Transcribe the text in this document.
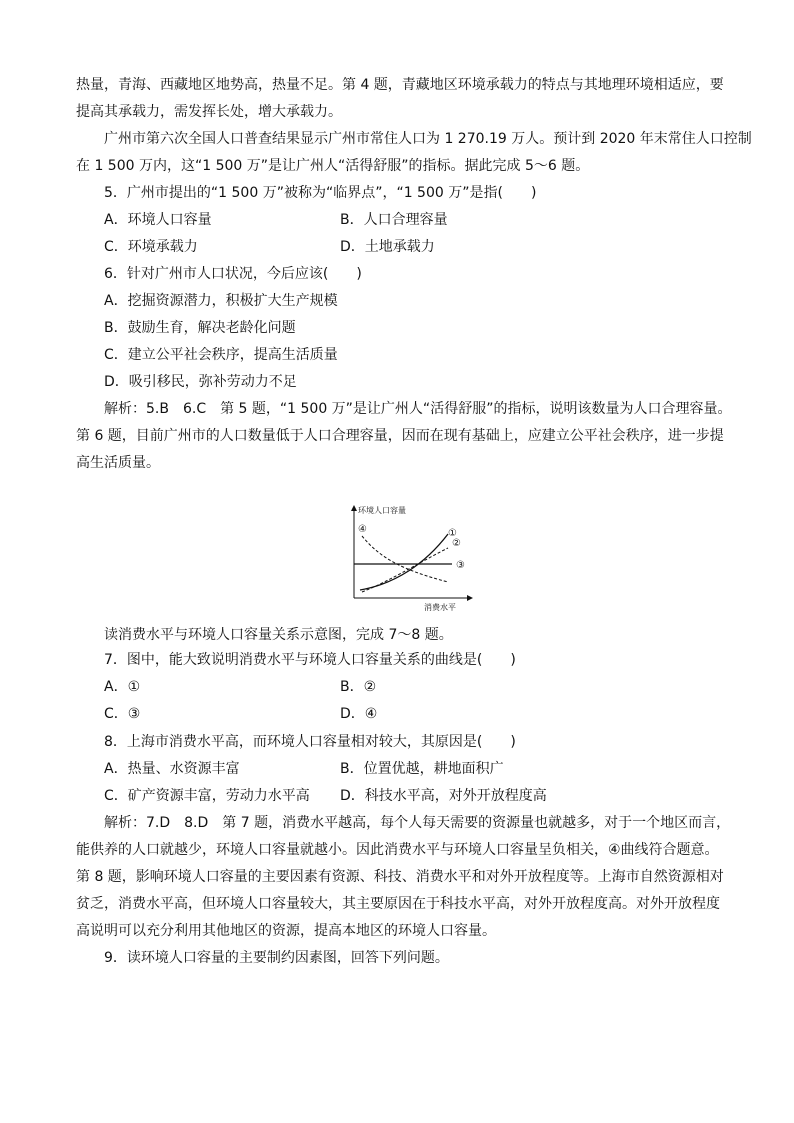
热量，青海、西藏地区地势高，热量不足。第 4 题，青藏地区环境承载力的特点与其地理环境相适应，要
提高其承载力，需发挥长处，增大承载力。
广州市第六次全国人口普查结果显示广州市常住人口为 1 270.19 万人。预计到 2020 年末常住人口控制
在 1 500 万内，这“1 500 万”是让广州人“活得舒服”的指标。据此完成 5～6 题。
5．广州市提出的“1 500 万”被称为“临界点”，“1 500 万”是指(　　)
A．环境人口容量	B．人口合理容量
C．环境承载力	D．土地承载力
6．针对广州市人口状况，今后应该(　　)
A．挖掘资源潜力，积极扩大生产规模
B．鼓励生育，解决老龄化问题
C．建立公平社会秩序，提高生活质量
D．吸引移民，弥补劳动力不足
解析：5.B　6.C　第 5 题，“1 500 万”是让广州人“活得舒服”的指标，说明该数量为人口合理容量。
第 6 题，目前广州市的人口数量低于人口合理容量，因而在现有基础上，应建立公平社会秩序，进一步提
高生活质量。
环境人口容量
消费水平
①
②
③
④
读消费水平与环境人口容量关系示意图，完成 7～8 题。
7．图中，能大致说明消费水平与环境人口容量关系的曲线是(　　)
A．①	B．②
C．③	D．④
8．上海市消费水平高，而环境人口容量相对较大，其原因是(　　)
A．热量、水资源丰富	B．位置优越，耕地面积广
C．矿产资源丰富，劳动力水平高 D．科技水平高，对外开放程度高
解析：7.D　8.D　第 7 题，消费水平越高，每个人每天需要的资源量也就越多，对于一个地区而言，
能供养的人口就越少，环境人口容量就越小。因此消费水平与环境人口容量呈负相关，④曲线符合题意。
第 8 题，影响环境人口容量的主要因素有资源、科技、消费水平和对外开放程度等。上海市自然资源相对
贫乏，消费水平高，但环境人口容量较大，其主要原因在于科技水平高，对外开放程度高。对外开放程度
高说明可以充分利用其他地区的资源，提高本地区的环境人口容量。
9．读环境人口容量的主要制约因素图，回答下列问题。
